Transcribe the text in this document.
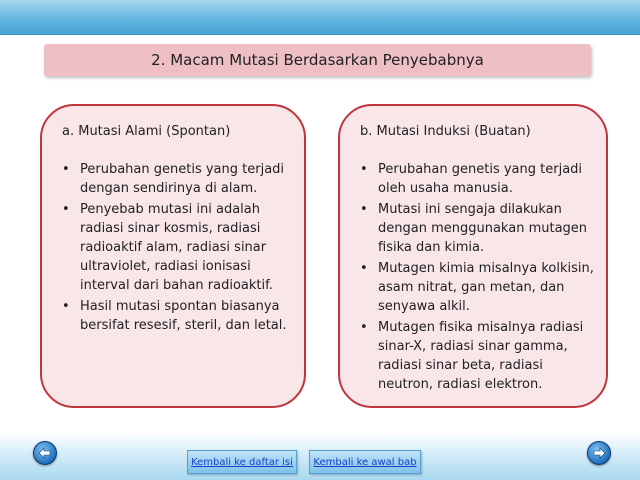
2. Macam Mutasi Berdasarkan Penyebabnya
a. Mutasi Alami (Spontan)
• Perubahan genetis yang terjadi dengan sendirinya di alam.
• Penyebab mutasi ini adalah radiasi sinar kosmis, radiasi radioaktif alam, radiasi sinar ultraviolet, radiasi ionisasi interval dari bahan radioaktif.
• Hasil mutasi spontan biasanya bersifat resesif, steril, dan letal.
b. Mutasi Induksi (Buatan)
• Perubahan genetis yang terjadi oleh usaha manusia.
• Mutasi ini sengaja dilakukan dengan menggunakan mutagen fisika dan kimia.
• Mutagen kimia misalnya kolkisin, asam nitrat, gan metan, dan senyawa alkil.
• Mutagen fisika misalnya radiasi sinar-X, radiasi sinar gamma, radiasi sinar beta, radiasi neutron, radiasi elektron.
Kembali ke daftar isi	Kembali ke awal bab
